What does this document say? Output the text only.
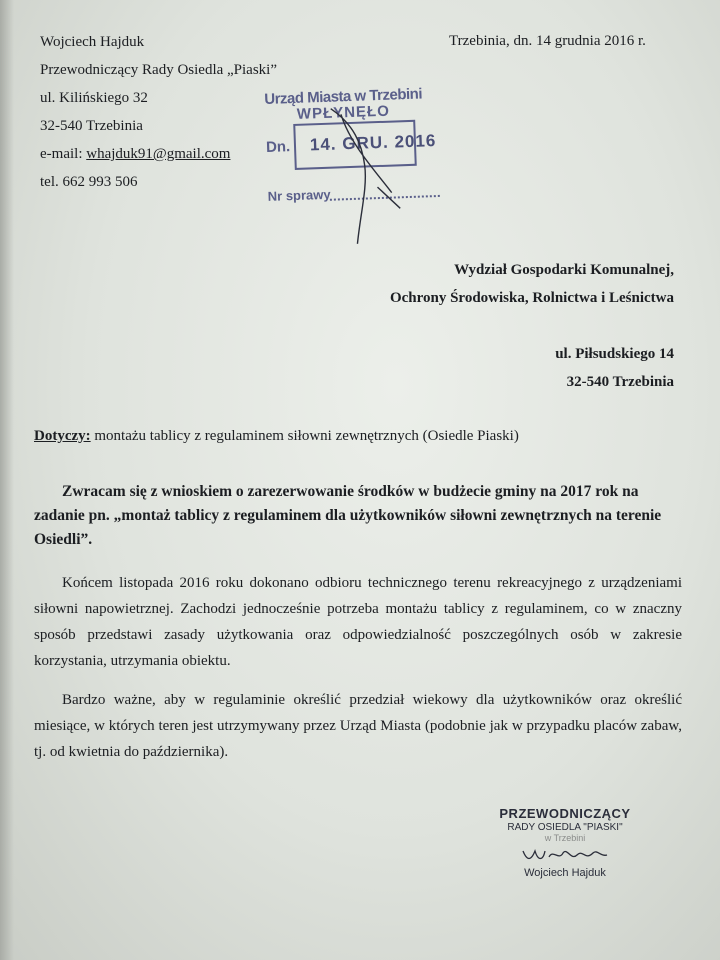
Wojciech Hajduk
Przewodniczący Rady Osiedla „Piaski”
ul. Kilińskiego 32
32-540 Trzebinia
e-mail: whajduk91@gmail.com
tel. 662 993 506
Trzebinia, dn. 14 grudnia 2016 r.
Urząd Miasta w Trzebini
WPŁYNĘŁO
Dn. 14. GRU. 2016
Nr sprawy
Wydział Gospodarki Komunalnej,
Ochrony Środowiska, Rolnictwa i Leśnictwa
ul. Piłsudskiego 14
32-540 Trzebinia
Dotyczy: montażu tablicy z regulaminem siłowni zewnętrznych (Osiedle Piaski)
Zwracam się z wnioskiem o zarezerwowanie środków w budżecie gminy na 2017 rok na zadanie pn. „montaż tablicy z regulaminem dla użytkowników siłowni zewnętrznych na terenie Osiedli”.
Końcem listopada 2016 roku dokonano odbioru technicznego terenu rekreacyjnego z urządzeniami siłowni napowietrznej. Zachodzi jednocześnie potrzeba montażu tablicy z regulaminem, co w znaczny sposób przedstawi zasady użytkowania oraz odpowiedzialność poszczególnych osób w zakresie korzystania, utrzymania obiektu.
Bardzo ważne, aby w regulaminie określić przedział wiekowy dla użytkowników oraz określić miesiące, w których teren jest utrzymywany przez Urząd Miasta (podobnie jak w przypadku placów zabaw, tj. od kwietnia do października).
PRZEWODNICZĄCY
RADY OSIEDLA "PIASKI"
w Trzebini
Wojciech Hajduk
